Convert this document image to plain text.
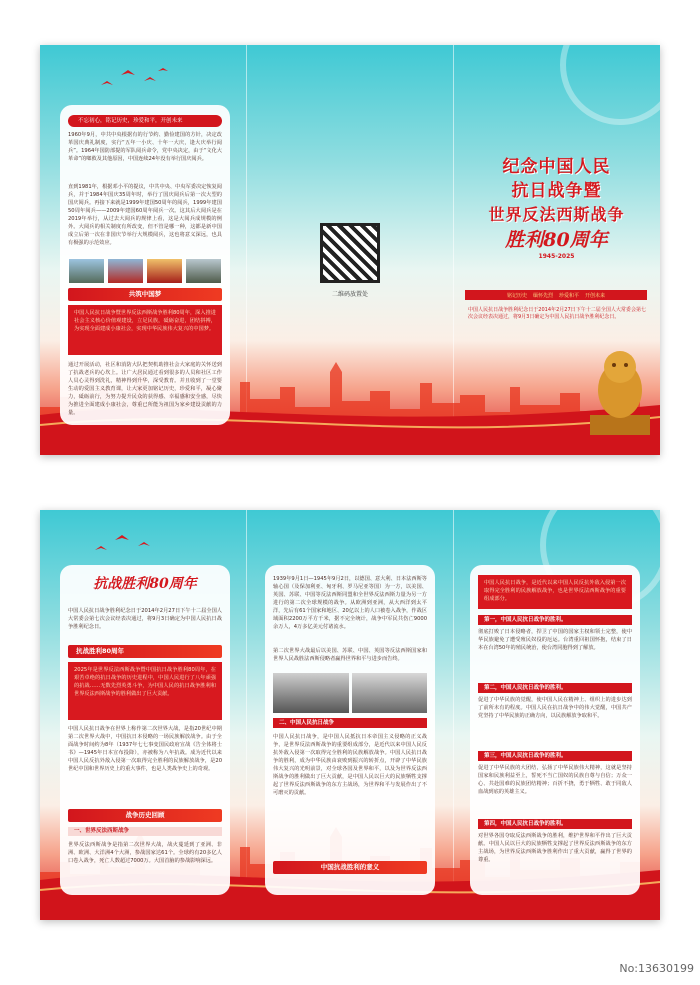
不忘初心，铭记历史，珍爱和平，开创未来
1960年9月，中共中央根据有的行节约、勤俭建国的方针，决定改革国庆典礼制度，实行“五年一小庆、十年一大庆，逢大庆举行阅兵”。1964年国防部提的军队阅兵命令，党中央决定，由于“文化大革命”的啷救及其他原因，中国连续24年没有举行国庆阅兵。
直到1981年，根据邓小平的提议，中共中央、中央军委决定恢复阅兵，并于1984年国庆35周年时，举行了国庆阅兵后第一次大型的国庆阅兵。再接下来就是1999年建国50周年的阅兵，1999年建国50周年阅兵——2009年建国60周年阅兵一次。这其后大阅兵是在2019年举行，从过去大阅兵的规律上看，这是大阅兵成规模的例外。大阅兵的相关制度有所改变，但不管是哪一种，这都是新中国成立后第一次在非国庆节举行大规模阅兵，这也将意义深远，也具有极强的示范效应。
共筑中国梦
中国人民抗日战争暨世界反法西斯战争胜利80周年，深入推进社会主义核心价值观建设，立足民族，砥砺奋进，团结拼搏，为实现全面建成小康社会，实现中华民族伟大复兴的中国梦。
通过开展活动，社区和消防大队把契机助推社会大家庭的关怀送到了抗战老兵的心坎上。让广大居民通过看到很多的人员和社区工作人员心灵得到洗礼，精神得到升华，深受教育。并且收到了一堂要生动的爱国主义教育课，让大家更加铭记历史，珍爱和平，凝心聚力，砥砺前行，为努力提升民众的获得感、幸福感和安全感，尽快为推进全面建成小康社会，尊重已所能为祖国为家乡建设贡献的力量。
二维码放置处
纪念中国人民
抗日战争暨
世界反法西斯战争
胜利80周年
1945-2025
铭记历史 缅怀先烈 珍爱和平 开创未来
中国人民抗日战争胜利纪念日于2014年2月27日下午十二届全国人大常委会第七次会议经表决通过，将9月3日确定为中国人民抗日战争胜利纪念日。
抗战胜利80周年
中国人民抗日战争胜利纪念日于2014年2月27日下午十二届全国人大常委会第七次会议经表决通过，将9月3日确定为中国人民抗日战争胜利纪念日。
抗战胜利80周年
2025年是世界反法西斯战争暨中国抗日战争胜利80周年，在艰苦卓绝的抗日战争的历史进程中，中国人民进行了八年顽强的抗战……无数先烈英勇斗争，为中国人民的抗日战争胜利和世界反法西斯战争的胜利做出了巨大贡献。
中国人民抗日战争在世界上称作第二次世界大战，是指20世纪中期第二次世界大战中，中国抗日本侵略的一场民族解放战争。由于全面战争时间约为8年（1937年七七事变国民政府宣战《告全体将士书》—1945年日本宣布投降），亦被称为八年抗战。成为近代以来中国人民反抗外敌入侵第一次取得完全胜利的民族解放战争，是20世纪中国和世界历史上的重大事件，也是人类战争史上的奇观。
战争历史回顾
一、世界反法西斯战争
世界反法西斯战争是指第二次世界大战，战火蔓延到了亚洲、非洲、欧洲、大洋洲4个大洲，参战国家达61个。全球约有20多亿人口卷入战争，死亡人数超过7000万。大国首脑的参战影响深远。
1939年9月1日—1945年9月2日，以德国、意大利、日本法西斯等轴心国（及保加利亚、匈牙利、罗马尼亚等国）为一方，以美国、英国、苏联、中国等反法西斯同盟和全世界反法西斯力量为另一方进行的第二次全球规模的战争。从欧洲到亚洲，从大西洋到太平洋，先后有61个国家和地区、20亿以上的人口被卷入战争，作战区域面积2200万平方千米，据不完全统计，战争中军民共伤亡9000余万人，4万多亿美元付诸流水。
第二次世界大战最后以美国、苏联、中国、英国等反法西斯国家和世界人民战胜法西斯侵略者赢得世界和平与进步而告终。
二、中国人民抗日战争
中国人民抗日战争，是中国人民抵抗日本帝国主义侵略的正义战争，是世界反法西斯战争的重要组成部分，是近代以来中国人民反抗外敌入侵第一次取得完全胜利的民族解放战争。中国人民抗日战争的胜利，成为中华民族由衰败到振兴的转折点，开辟了中华民族伟大复兴的光明前景，对全球各国及世界和平，以及为世界反法西斯战争的胜利做出了巨大贡献，是中国人民以巨大的民族牺牲支撑起了世界反法西斯战争的东方主战场，为世界和平与发展作出了不可磨灭的贡献。
中国抗战胜利的意义
中国人民抗日战争，是近代以来中国人民反抗外敌入侵第一次取得完全胜利的民族解放战争，也是世界反法西斯战争的重要组成部分。
第一，中国人民抗日战争的胜利。
彻底打败了日本侵略者，捍卫了中国的国家主权和领土完整，使中华民族避免了遭受殖民奴役的厄运。台湾重回祖国怀抱，结束了日本在台湾50年的殖民统治，使台湾同胞得到了解放。
第二，中国人民抗日战争的胜利。
促进了中华民族的觉醒，使中国人民在精神上、组织上的进步达到了前所未有的程度。中国人民在抗日战争中的伟大觉醒，中国共产党坚持了中华民族的正确方向，以民族解放争取和平。
第三，中国人民抗日战争的胜利。
促进了中华民族的大团结，弘扬了中华民族伟大精神，这就是坚持国家和民族利益至上，誓死不当亡国奴的民族自尊与自信；万众一心、共赴国难的民族团结精神；百折不挠，勇于牺牲、敢于同敌人血战到底的英雄主义。
第四，中国人民抗日战争的胜利。
对世界各国夺取反法西斯战争的胜利，维护世界和平作出了巨大贡献。中国人民以巨大的民族牺牲支撑起了世界反法西斯战争的东方主战场，为世界反法西斯战争胜利作出了重大贡献，赢得了世界的尊重。
No:13630199
